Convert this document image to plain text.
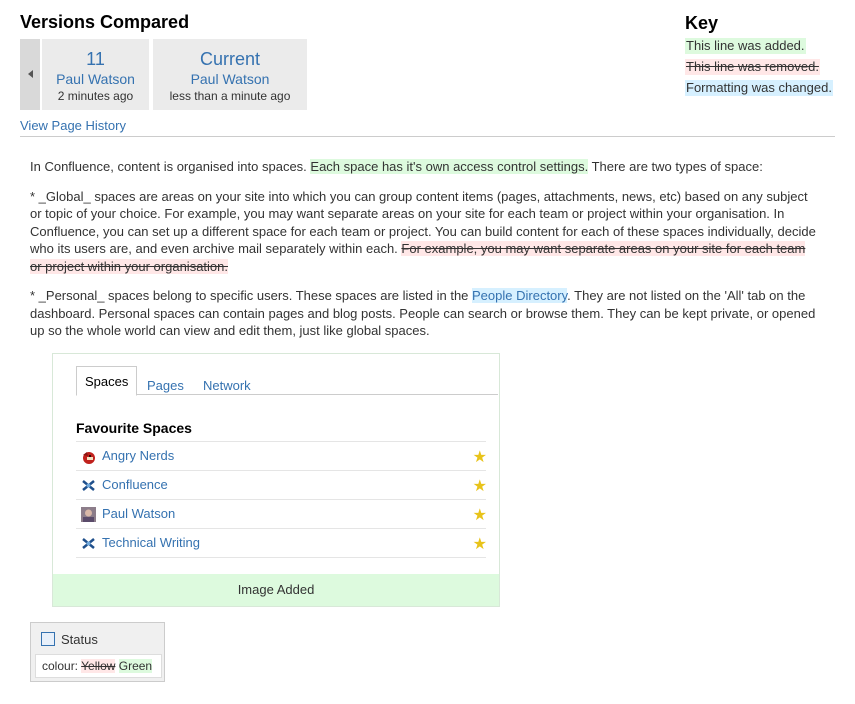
Versions Compared
11
Paul Watson
2 minutes ago
Current
Paul Watson
less than a minute ago
View Page History
Key
This line was added.
This line was removed.
Formatting was changed.

In Confluence, content is organised into spaces. Each space has it's own access control settings. There are two types of space:

* _Global_ spaces are areas on your site into which you can group content items (pages, attachments, news, etc) based on any subject or topic of your choice. For example, you may want separate areas on your site for each team or project within your organisation. In Confluence, you can set up a different space for each team or project. You can build content for each of these spaces individually, decide who its users are, and even archive mail separately within each. For example, you may want separate areas on your site for each team or project within your organisation.

* _Personal_ spaces belong to specific users. These spaces are listed in the People Directory. They are not listed on the 'All' tab on the dashboard. Personal spaces can contain pages and blog posts. People can search or browse them. They can be kept private, or opened up so the whole world can view and edit them, just like global spaces.

Spaces	Pages	Network
Favourite Spaces
Angry Nerds	★
Confluence	★
Paul Watson	★
Technical Writing	★
Image Added
Status
colour: Yellow Green
